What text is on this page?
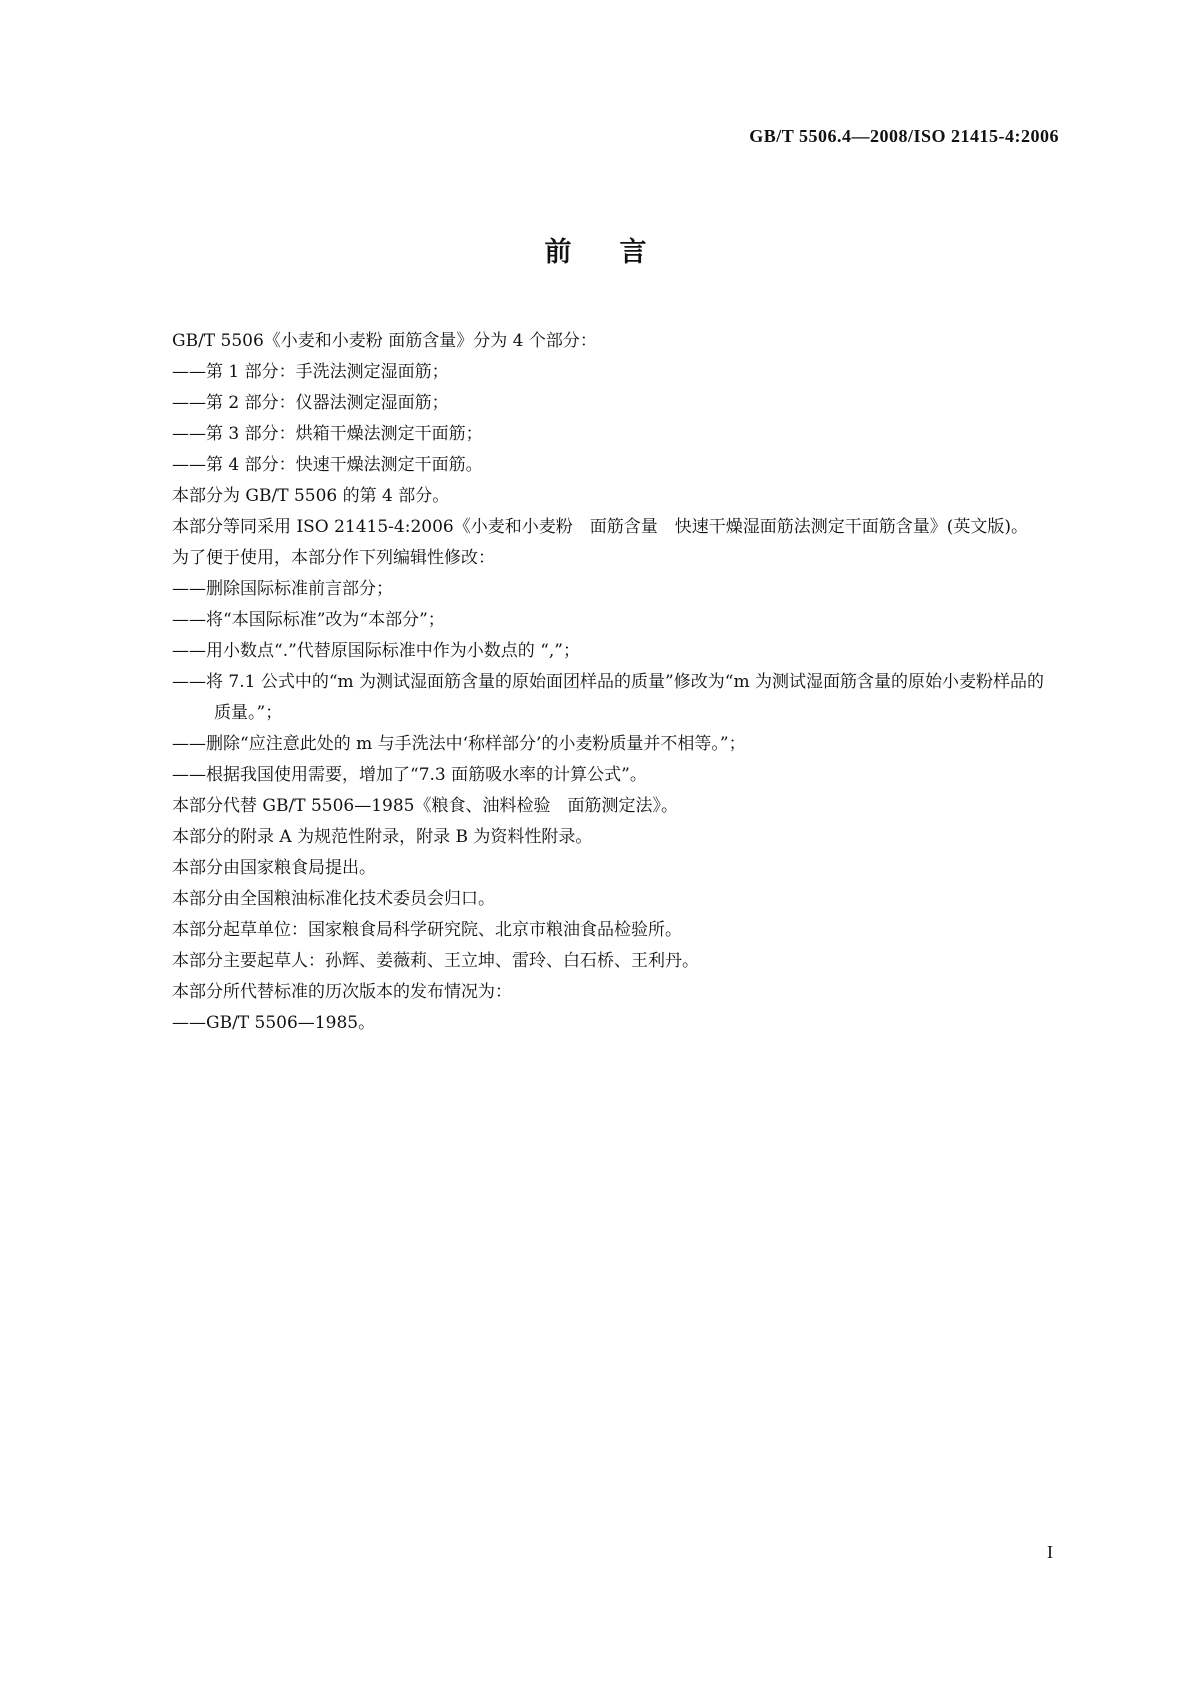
GB/T 5506.4—2008/ISO 21415-4:2006
前言

GB/T 5506《小麦和小麦粉 面筋含量》分为 4 个部分：

——第 1 部分：手洗法测定湿面筋；

——第 2 部分：仪器法测定湿面筋；

——第 3 部分：烘箱干燥法测定干面筋；

——第 4 部分：快速干燥法测定干面筋。

本部分为 GB/T 5506 的第 4 部分。

本部分等同采用 ISO 21415-4:2006《小麦和小麦粉　面筋含量　快速干燥湿面筋法测定干面筋含量》(英文版)。

为了便于使用，本部分作下列编辑性修改：

——删除国际标准前言部分；

——将“本国际标准”改为“本部分”；

——用小数点“.”代替原国际标准中作为小数点的 “,”；

——将 7.1 公式中的“m 为测试湿面筋含量的原始面团样品的质量”修改为“m 为测试湿面筋含量的原始小麦粉样品的质量。”；

——删除“应注意此处的 m 与手洗法中‘称样部分’的小麦粉质量并不相等。”；

——根据我国使用需要，增加了“7.3 面筋吸水率的计算公式”。

本部分代替 GB/T 5506—1985《粮食、油料检验　面筋测定法》。

本部分的附录 A 为规范性附录，附录 B 为资料性附录。

本部分由国家粮食局提出。

本部分由全国粮油标准化技术委员会归口。

本部分起草单位：国家粮食局科学研究院、北京市粮油食品检验所。

本部分主要起草人：孙辉、姜薇莉、王立坤、雷玲、白石桥、王利丹。

本部分所代替标准的历次版本的发布情况为：

——GB/T 5506—1985。

I
